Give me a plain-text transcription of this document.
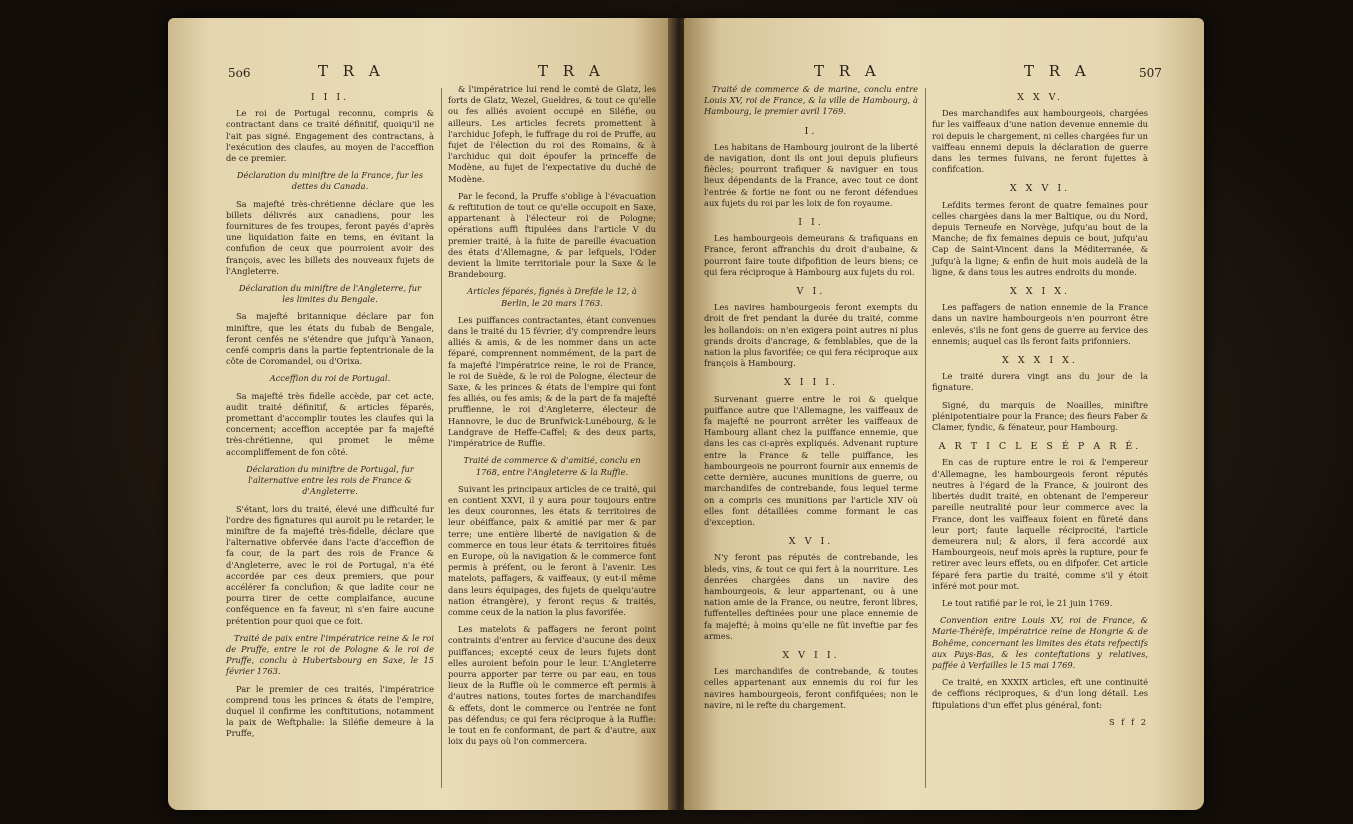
5o6	T R A	T R A

I I I.

Le roi de Portugal reconnu, compris & contractant dans ce traité définitif, quoiqu'il ne l'ait pas signé. Engagement des contractans, à l'exécution des claufes, au moyen de l'acceffion de ce premier.

Déclaration du miniftre de la France, fur les dettes du Canada.

Sa majefté très-chrétienne déclare que les billets délivrés aux canadiens, pour les fournitures de fes troupes, feront payés d'après une liquidation faite en tems, en évitant la confufion de ceux que pourroient avoir des françois, avec les billets des nouveaux fujets de l'Angleterre.

Déclaration du miniftre de l'Angleterre, fur les limites du Bengale.

Sa majefté britannique déclare par fon miniftre, que les états du fubab de Bengale, feront cenfés ne s'étendre que jufqu'à Yanaon, cenfé compris dans la partie feptentrionale de la côte de Coromandel, ou d'Orixa.

Acceffion du roi de Portugal.

Sa majefté très fidelle accède, par cet acte, audit traité définitif, & articles féparés, promettant d'accomplir toutes les claufes qui la concernent; acceffion acceptée par fa majefté très-chrétienne, qui promet le même accompliffement de fon côté.

Déclaration du miniftre de Portugal, fur l'alternative entre les rois de France & d'Angleterre.

S'étant, lors du traité, élevé une difficulté fur l'ordre des fignatures qui auroit pu le retarder, le miniftre de fa majefté très-fidelle, déclare que l'alternative obfervée dans l'acte d'acceffion de fa cour, de la part des rois de France & d'Angleterre, avec le roi de Portugal, n'a été accordée par ces deux premiers, que pour accélérer fa conclufion; & que ladite cour ne pourra tirer de cette complaifance, aucune conféquence en fa faveur, ni s'en faire aucune prétention pour quoi que ce foit.

Traité de paix entre l'impératrice reine & le roi de Pruffe, entre le roi de Pologne & le roi de Pruffe, conclu à Hubertsbourg en Saxe, le 15 février 1763.

Par le premier de ces traités, l'impératrice comprend tous les princes & états de l'empire, duquel il confirme les conftitutions, notamment la paix de Weftphalie: la Siléfie demeure à la Pruffe,

& l'impératrice lui rend le comté de Glatz, les forts de Glatz, Wezel, Gueldres, & tout ce qu'elle ou fes alliés avoient occupé en Siléfie, ou ailleurs. Les articles fecrets promettent à l'archiduc Jofeph, le fuffrage du roi de Pruffe, au fujet de l'élection du roi des Romains, & à l'archiduc qui doit époufer la princeffe de Modène, au fujet de l'expectative du duché de Modène.

Par le fecond, la Pruffe s'oblige à l'évacuation & reftitution de tout ce qu'elle occupoit en Saxe, appartenant à l'électeur roi de Pologne; opérations auffi ftipulées dans l'article V du premier traité, à la fuite de pareille évacuation des états d'Allemagne, & par lefquels, l'Oder devient la limite territoriale pour la Saxe & le Brandebourg.

Articles féparés, fignés à Drefde le 12, à Berlin, le 20 mars 1763.

Les puiffances contractantes, étant convenues dans le traité du 15 février, d'y comprendre leurs alliés & amis, & de les nommer dans un acte féparé, comprennent nommément, de la part de fa majefté l'impératrice reine, le roi de France, le roi de Suède, & le roi de Pologne, électeur de Saxe, & les princes & états de l'empire qui font fes alliés, ou fes amis; & de la part de fa majefté pruffienne, le roi d'Angleterre, électeur de Hannovre, le duc de Brunfwick-Lunébourg, & le Landgrave de Heffe-Caffel; & des deux parts, l'impératrice de Ruffie.

Traité de commerce & d'amitié, conclu en 1768, entre l'Angleterre & la Ruffie.

Suivant les principaux articles de ce traité, qui en contient XXVI, il y aura pour toujours entre les deux couronnes, les états & territoires de leur obéiffance, paix & amitié par mer & par terre; une entière liberté de navigation & de commerce en tous leur états & territoires fitués en Europe, où la navigation & le commerce font permis à préfent, ou le feront à l'avenir. Les matelots, paffagers, & vaiffeaux, (y eut-il même dans leurs équipages, des fujets de quelqu'autre nation étrangère), y feront reçus & traités, comme ceux de la nation la plus favorifée.

Les matelots & paffagers ne feront point contraints d'entrer au fervice d'aucune des deux puiffances; excepté ceux de leurs fujets dont elles auroient befoin pour le leur. L'Angleterre pourra apporter par terre ou par eau, en tous lieux de la Ruffie où le commerce eft permis à d'autres nations, toutes fortes de marchandifes & effets, dont le commerce ou l'entrée ne font pas défendus; ce qui fera réciproque à la Ruffie: le tout en fe conformant, de part & d'autre, aux loix du pays où l'on commercera.

T R A	T R A	507

Traité de commerce & de marine, conclu entre Louis XV, roi de France, & la ville de Hambourg, à Hambourg, le premier avril 1769.

I.

Les habitans de Hambourg jouiront de la liberté de navigation, dont ils ont joui depuis plufieurs fiècles; pourront trafiquer & naviguer en tous lieux dépendants de la France, avec tout ce dont l'entrée & fortie ne font ou ne feront défendues aux fujets du roi par les loix de fon royaume.

I I.

Les hambourgeois demeurans & trafiquans en France, feront affranchis du droit d'aubaine, & pourront faire toute difpofition de leurs biens; ce qui fera réciproque à Hambourg aux fujets du roi.

V I.

Les navires hambourgeois feront exempts du droit de fret pendant la durée du traité, comme les hollandois: on n'en exigera point autres ni plus grands droits d'ancrage, & femblables, que de la nation la plus favorifée; ce qui fera réciproque aux françois à Hambourg.

X I I I.

Survenant guerre entre le roi & quelque puiffance autre que l'Allemagne, les vaiffeaux de fa majefté ne pourront arrêter les vaiffeaux de Hambourg allant chez la puiffance ennemie, que dans les cas ci-après expliqués. Advenant rupture entre la France & telle puiffance, les hambourgeois ne pourront fournir aux ennemis de cette dernière, aucunes munitions de guerre, ou marchandifes de contrebande, fous lequel terme on a compris ces munitions par l'article XIV où elles font détaillées comme formant le cas d'exception.

X V I.

N'y feront pas réputés de contrebande, les bleds, vins, & tout ce qui fert à la nourriture. Les denrées chargées dans un navire des hambourgeois, & leur appartenant, ou à une nation amie de la France, ou neutre, feront libres, fuffentelles deftinées pour une place ennemie de fa majefté; à moins qu'elle ne fût inveftie par fes armes.

X V I I.

Les marchandifes de contrebande, & toutes celles appartenant aux ennemis du roi fur les navires hambourgeois, feront confifquées; non le navire, ni le refte du chargement.

X X V.

Des marchandifes aux hambourgeois, chargées fur les vaiffeaux d'une nation devenue ennemie du roi depuis le chargement, ni celles chargées fur un vaiffeau ennemi depuis la déclaration de guerre dans les termes fuivans, ne feront fujettes à confifcation.

X X V I.

Lefdits termes feront de quatre femaines pour celles chargées dans la mer Baltique, ou du Nord, depuis Terneufe en Norvège, jufqu'au bout de la Manche; de fix femaines depuis ce bout, jufqu'au Cap de Saint-Vincent dans la Méditerranée, & jufqu'à la ligne; & enfin de huit mois audelà de la ligne, & dans tous les autres endroits du monde.

X X I X.

Les paffagers de nation ennemie de la France dans un navire hambourgeois n'en pourront être enlevés, s'ils ne font gens de guerre au fervice des ennemis; auquel cas ils feront faits prifonniers.

X X X I X.

Le traité durera vingt ans du jour de la fignature.

Signé, du marquis de Noailles, miniftre plénipotentiaire pour la France; des fieurs Faber & Clamer, fyndic, & fénateur, pour Hambourg.

A R T I C L E S É P A R É.

En cas de rupture entre le roi & l'empereur d'Allemagne, les hambourgeois feront réputés neutres à l'égard de la France, & jouiront des libertés dudit traité, en obtenant de l'empereur pareille neutralité pour leur commerce avec la France, dont les vaiffeaux foient en fûreté dans leur port; faute laquelle réciprocité, l'article demeurera nul; & alors, il fera accordé aux Hambourgeois, neuf mois après la rupture, pour fe retirer avec leurs effets, ou en difpofer. Cet article féparé fera partie du traité, comme s'il y étoit inféré mot pour mot.

Le tout ratifié par le roi, le 21 juin 1769.

Convention entre Louis XV, roi de France, & Marie-Thérèfe, impératrice reine de Hongrie & de Bohême, concernant les limites des états refpectifs aux Pays-Bas, & les conteftations y relatives, paffée à Verfailles le 15 mai 1769.

Ce traité, en XXXIX articles, eft une continuité de ceffions réciproques, & d'un long détail. Les ftipulations d'un effet plus général, font:

S f f 2
